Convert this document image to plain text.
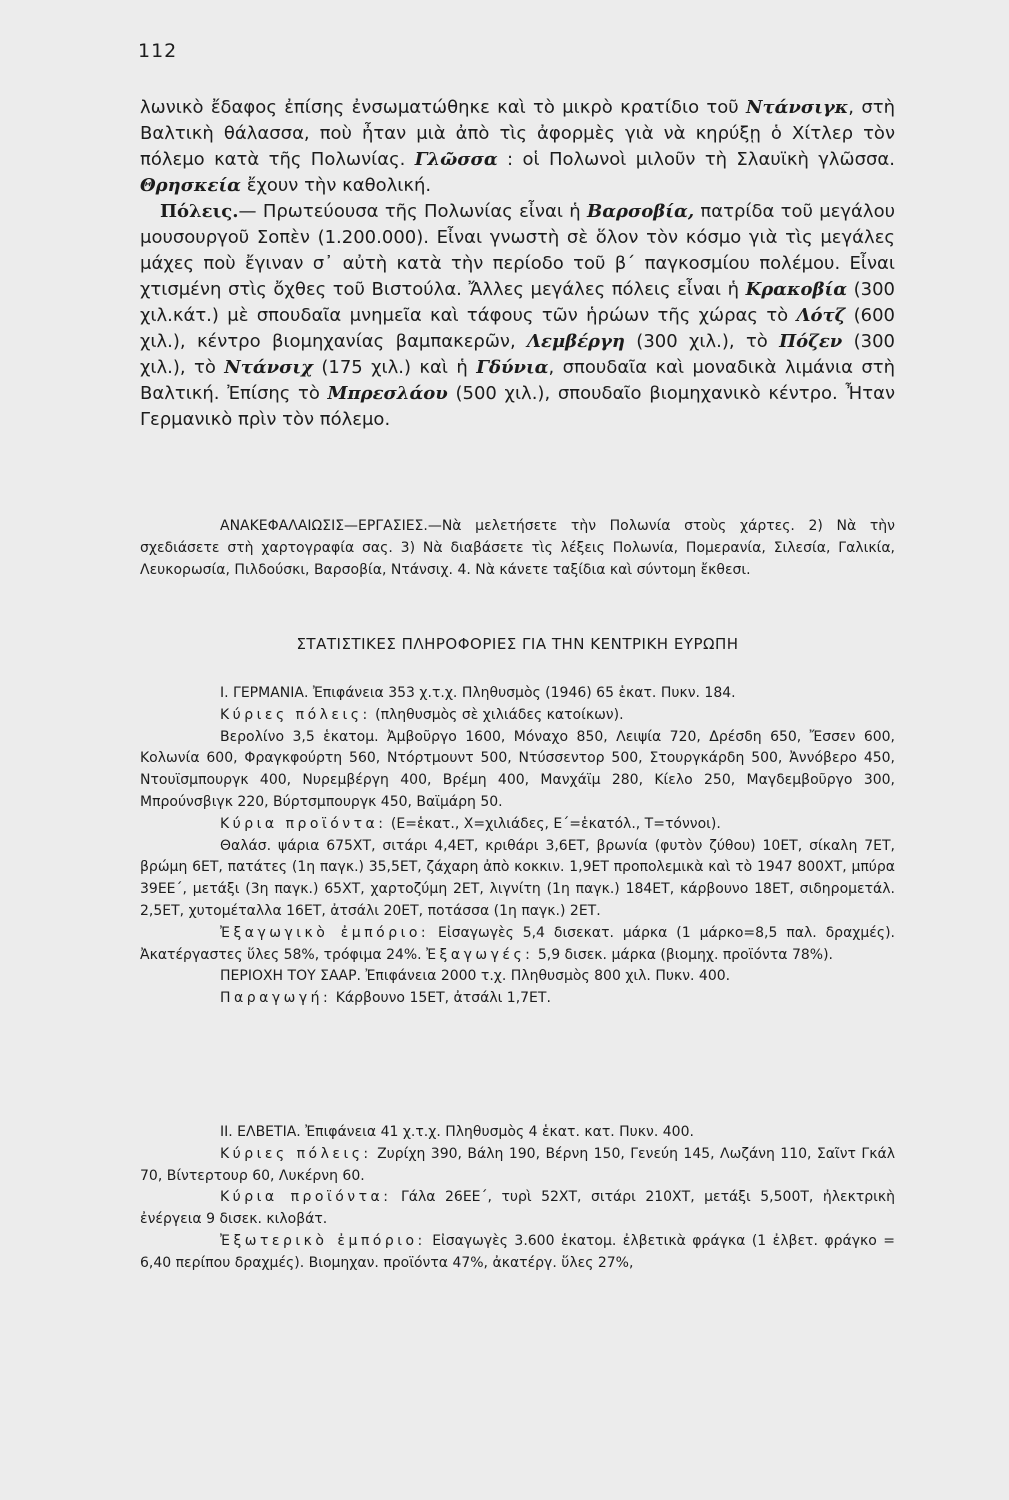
112

λωνικὸ ἔδαφος ἐπίσης ἐνσωματώθηκε καὶ τὸ μικρὸ κρατίδιο τοῦ Ντάνσιγκ, στὴ Βαλτικὴ θάλασσα, ποὺ ἦταν μιὰ ἀπὸ τὶς ἀφορμὲς γιὰ νὰ κηρύξῃ ὁ Χίτλερ τὸν πόλεμο κατὰ τῆς Πολωνίας. Γλῶσσα : οἱ Πολωνοὶ μιλοῦν τὴ Σλαυϊκὴ γλῶσσα. Θρησκεία ἔχουν τὴν καθολική.

Πόλεις.— Πρωτεύουσα τῆς Πολωνίας εἶναι ἡ Βαρσοβία, πατρίδα τοῦ μεγάλου μουσουργοῦ Σοπὲν (1.200.000). Εἶναι γνωστὴ σὲ ὅλον τὸν κόσμο γιὰ τὶς μεγάλες μάχες ποὺ ἔγιναν σ᾽ αὐτὴ κατὰ τὴν περίοδο τοῦ β´ παγκοσμίου πολέμου. Εἶναι χτισμένη στὶς ὄχθες τοῦ Βιστούλα. Ἄλλες μεγάλες πόλεις εἶναι ἡ Κρακοβία (300 χιλ.κάτ.) μὲ σπουδαῖα μνημεῖα καὶ τάφους τῶν ἡρώων τῆς χώρας τὸ Λότζ (600 χιλ.), κέντρο βιομηχανίας βαμπακερῶν, Λεμβέργη (300 χιλ.), τὸ Πόζεν (300 χιλ.), τὸ Ντάνσιχ (175 χιλ.) καὶ ἡ Γδύνια, σπουδαῖα καὶ μοναδικὰ λιμάνια στὴ Βαλτική. Ἐπίσης τὸ Μπρεσλάου (500 χιλ.), σπουδαῖο βιομηχανικὸ κέντρο. Ἦταν Γερμανικὸ πρὶν τὸν πόλεμο.

ΑΝΑΚΕΦΑΛΑΙΩΣΙΣ—ΕΡΓΑΣΙΕΣ.—Νὰ μελετήσετε τὴν Πολωνία στοὺς χάρτες. 2) Νὰ τὴν σχεδιάσετε στὴ χαρτογραφία σας. 3) Νὰ διαβάσετε τὶς λέξεις Πολωνία, Πομερανία, Σιλεσία, Γαλικία, Λευκορωσία, Πιλδούσκι, Βαρσοβία, Ντάνσιχ. 4. Νὰ κάνετε ταξίδια καὶ σύντομη ἔκθεσι.

ΣΤΑΤΙΣΤΙΚΕΣ ΠΛΗΡΟΦΟΡΙΕΣ ΓΙΑ ΤΗΝ ΚΕΝΤΡΙΚΗ ΕΥΡΩΠΗ

I. ΓΕΡΜΑΝΙΑ. Ἐπιφάνεια 353 χ.τ.χ. Πληθυσμὸς (1946) 65 ἑκατ. Πυκν. 184.

Κύριες πόλεις: (πληθυσμὸς σὲ χιλιάδες κατοίκων).

Βερολίνο 3,5 ἑκατομ. Ἀμβοῦργο 1600, Μόναχο 850, Λειψία 720, Δρέσδη 650, Ἔσσεν 600, Κολωνία 600, Φραγκφούρτη 560, Ντόρτμουντ 500, Ντύσσεντορ 500, Στουργκάρδη 500, Ἀννόβερο 450, Ντουϊσμπουργκ 400, Νυρεμβέργη 400, Βρέμη 400, Μανχάϊμ 280, Κίελο 250, Μαγδεμβοῦργο 300, Μπρούνσβιγκ 220, Βύρτσμπουργκ 450, Βαϊμάρη 50.

Κύρια προϊόντα: (Ε=ἑκατ., Χ=χιλιάδες, Ε΄=ἑκατόλ., Τ=τόννοι).

Θαλάσ. ψάρια 675ΧΤ, σιτάρι 4,4ΕΤ, κριθάρι 3,6ΕΤ, βρωνία (φυτὸν ζύθου) 10ΕΤ, σίκαλη 7ΕΤ, βρώμη 6ΕΤ, πατάτες (1η παγκ.) 35,5ΕΤ, ζάχαρη ἀπὸ κοκκιν. 1,9ΕΤ προπολεμικὰ καὶ τὸ 1947 800ΧΤ, μπύρα 39ΕΕ΄, μετάξι (3η παγκ.) 65ΧΤ, χαρτοζύμη 2ΕΤ, λιγνίτη (1η παγκ.) 184ΕΤ, κάρβουνο 18ΕΤ, σιδηρομετάλ. 2,5ΕΤ, χυτομέταλλα 16ΕΤ, ἀτσάλι 20ΕΤ, ποτάσσα (1η παγκ.) 2ΕΤ.

Ἐξαγωγικὸ ἐμπόριο: Εἰσαγωγὲς 5,4 δισεκατ. μάρκα (1 μάρκο=8,5 παλ. δραχμές). Ἀκατέργαστες ὕλες 58%, τρόφιμα 24%. Ἐξαγωγές: 5,9 δισεκ. μάρκα (βιομηχ. προϊόντα 78%).

ΠΕΡΙΟΧΗ ΤΟΥ ΣΑΑΡ. Ἐπιφάνεια 2000 τ.χ. Πληθυσμὸς 800 χιλ. Πυκν. 400.

Παραγωγή: Κάρβουνο 15ΕΤ, ἀτσάλι 1,7ΕΤ.

II. ΕΛΒΕΤΙΑ. Ἐπιφάνεια 41 χ.τ.χ. Πληθυσμὸς 4 ἑκατ. κατ. Πυκν. 400.

Κύριες πόλεις: Ζυρίχη 390, Βάλη 190, Βέρνη 150, Γενεύη 145, Λωζάνη 110, Σαῖντ Γκάλ 70, Βίντερτουρ 60, Λυκέρνη 60.

Κύρια προϊόντα: Γάλα 26ΕΕ΄, τυρὶ 52ΧΤ, σιτάρι 210ΧΤ, μετάξι 5,500Τ, ἠλεκτρικὴ ἐνέργεια 9 δισεκ. κιλοβάτ.

Ἐξωτερικὸ ἐμπόριο: Εἰσαγωγὲς 3.600 ἑκατομ. ἐλβετικὰ φράγκα (1 ἐλβετ. φράγκο = 6,40 περίπου δραχμές). Βιομηχαν. προϊόντα 47%, ἀκατέργ. ὕλες 27%,
